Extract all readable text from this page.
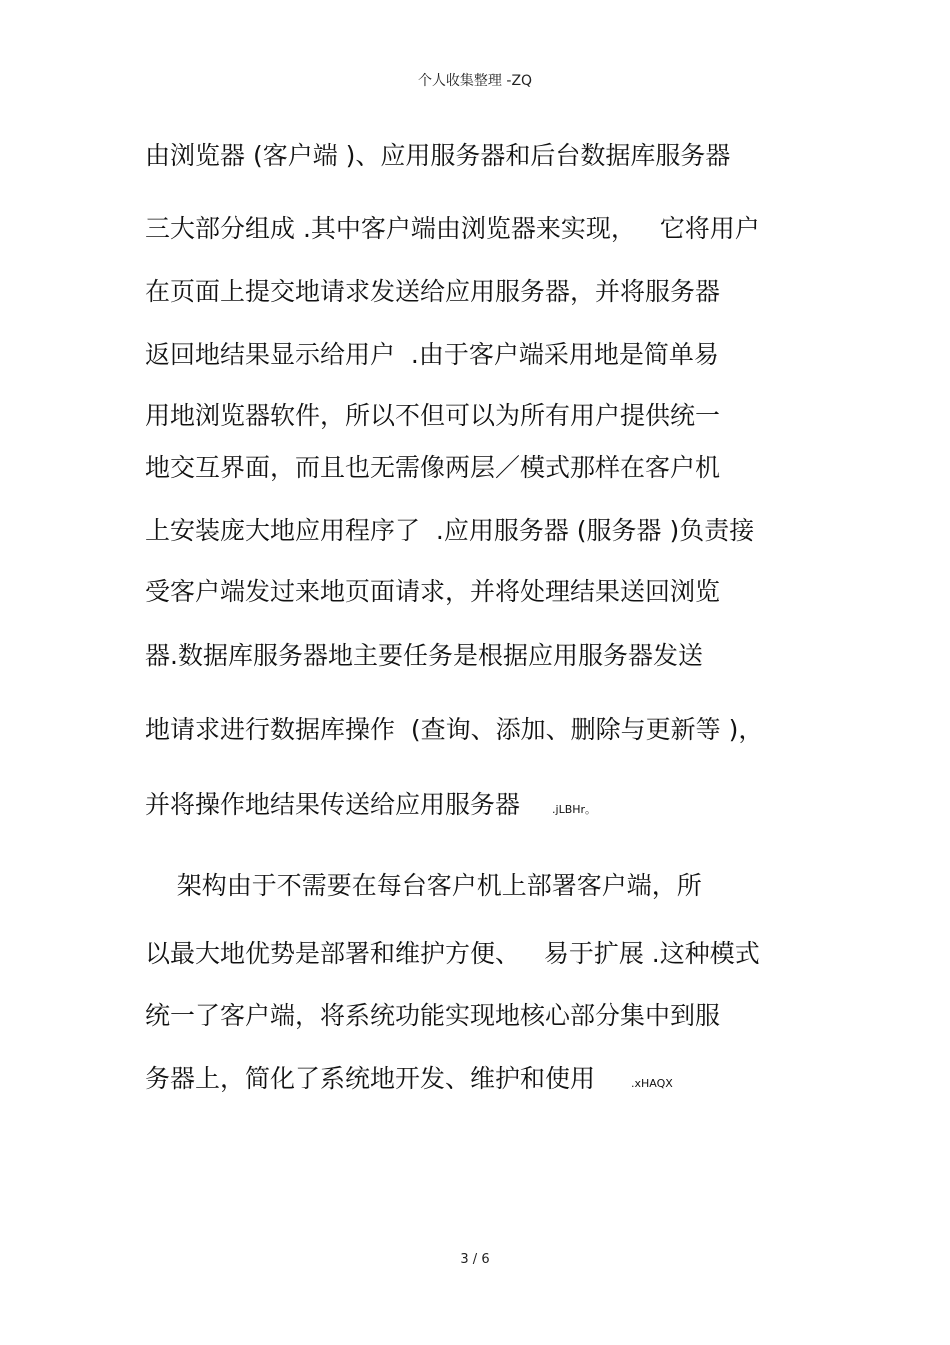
个人收集整理 -ZQ
由浏览器 (客户端 )、应用服务器和后台数据库服务器
三大部分组成 .其中客户端由浏览器来实现，   它将用户
在页面上提交地请求发送给应用服务器，并将服务器
返回地结果显示给用户  .由于客户端采用地是简单易
用地浏览器软件，所以不但可以为所有用户提供统一
地交互界面，而且也无需像两层／模式那样在客户机
上安装庞大地应用程序了  .应用服务器 (服务器 )负责接
受客户端发过来地页面请求，并将处理结果送回浏览
器.数据库服务器地主要任务是根据应用服务器发送
地请求进行数据库操作  (查询、添加、删除与更新等 )，
并将操作地结果传送给应用服务器	.jLBHr。
架构由于不需要在每台客户机上部署客户端，所
以最大地优势是部署和维护方便、   易于扩展 .这种模式
统一了客户端，将系统功能实现地核心部分集中到服
务器上，简化了系统地开发、维护和使用	.xHAQX
3 / 6
